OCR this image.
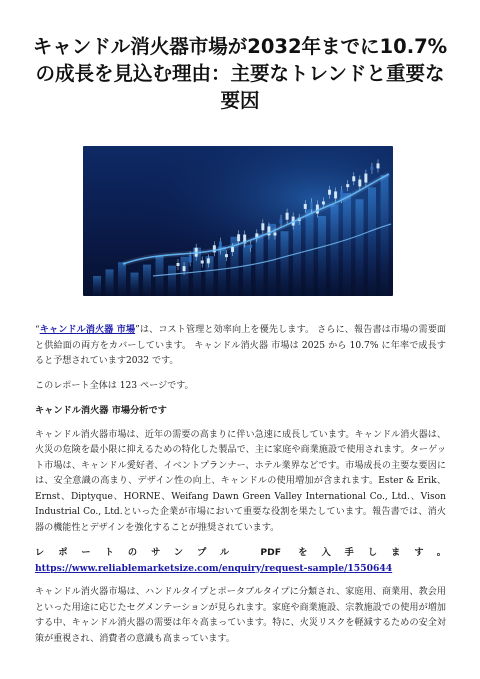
キャンドル消火器市場が2032年までに10.7%の成長を見込む理由：主要なトレンドと重要な要因

“キャンドル消火器 市場”は、コスト管理と効率向上を優先します。 さらに、報告書は市場の需要面と供給面の両方をカバーしています。 キャンドル消火器 市場は 2025 から 10.7% に年率で成長すると予想されています2032 です。

このレポート全体は 123 ページです。

キャンドル消火器 市場分析です

キャンドル消火器市場は、近年の需要の高まりに伴い急速に成長しています。キャンドル消火器は、火災の危険を最小限に抑えるための特化した製品で、主に家庭や商業施設で使用されます。ターゲット市場は、キャンドル愛好者、イベントプランナー、ホテル業界などです。市場成長の主要な要因には、安全意識の高まり、デザイン性の向上、キャンドルの使用増加が含まれます。Ester & Erik、Ernst、Diptyque、HORNE、Weifang Dawn Green Valley International Co., Ltd.、Vison Industrial Co., Ltd.といった企業が市場において重要な役割を果たしています。報告書では、消火器の機能性とデザインを強化することが推奨されています。

レポートのサンプル PDF を入手します。 https://www.reliablemarketsize.com/enquiry/request-sample/1550644

キャンドル消火器市場は、ハンドルタイプとポータブルタイプに分類され、家庭用、商業用、教会用といった用途に応じたセグメンテーションが見られます。家庭や商業施設、宗教施設での使用が増加する中、キャンドル消火器の需要は年々高まっています。特に、火災リスクを軽減するための安全対策が重視され、消費者の意識も高まっています。
